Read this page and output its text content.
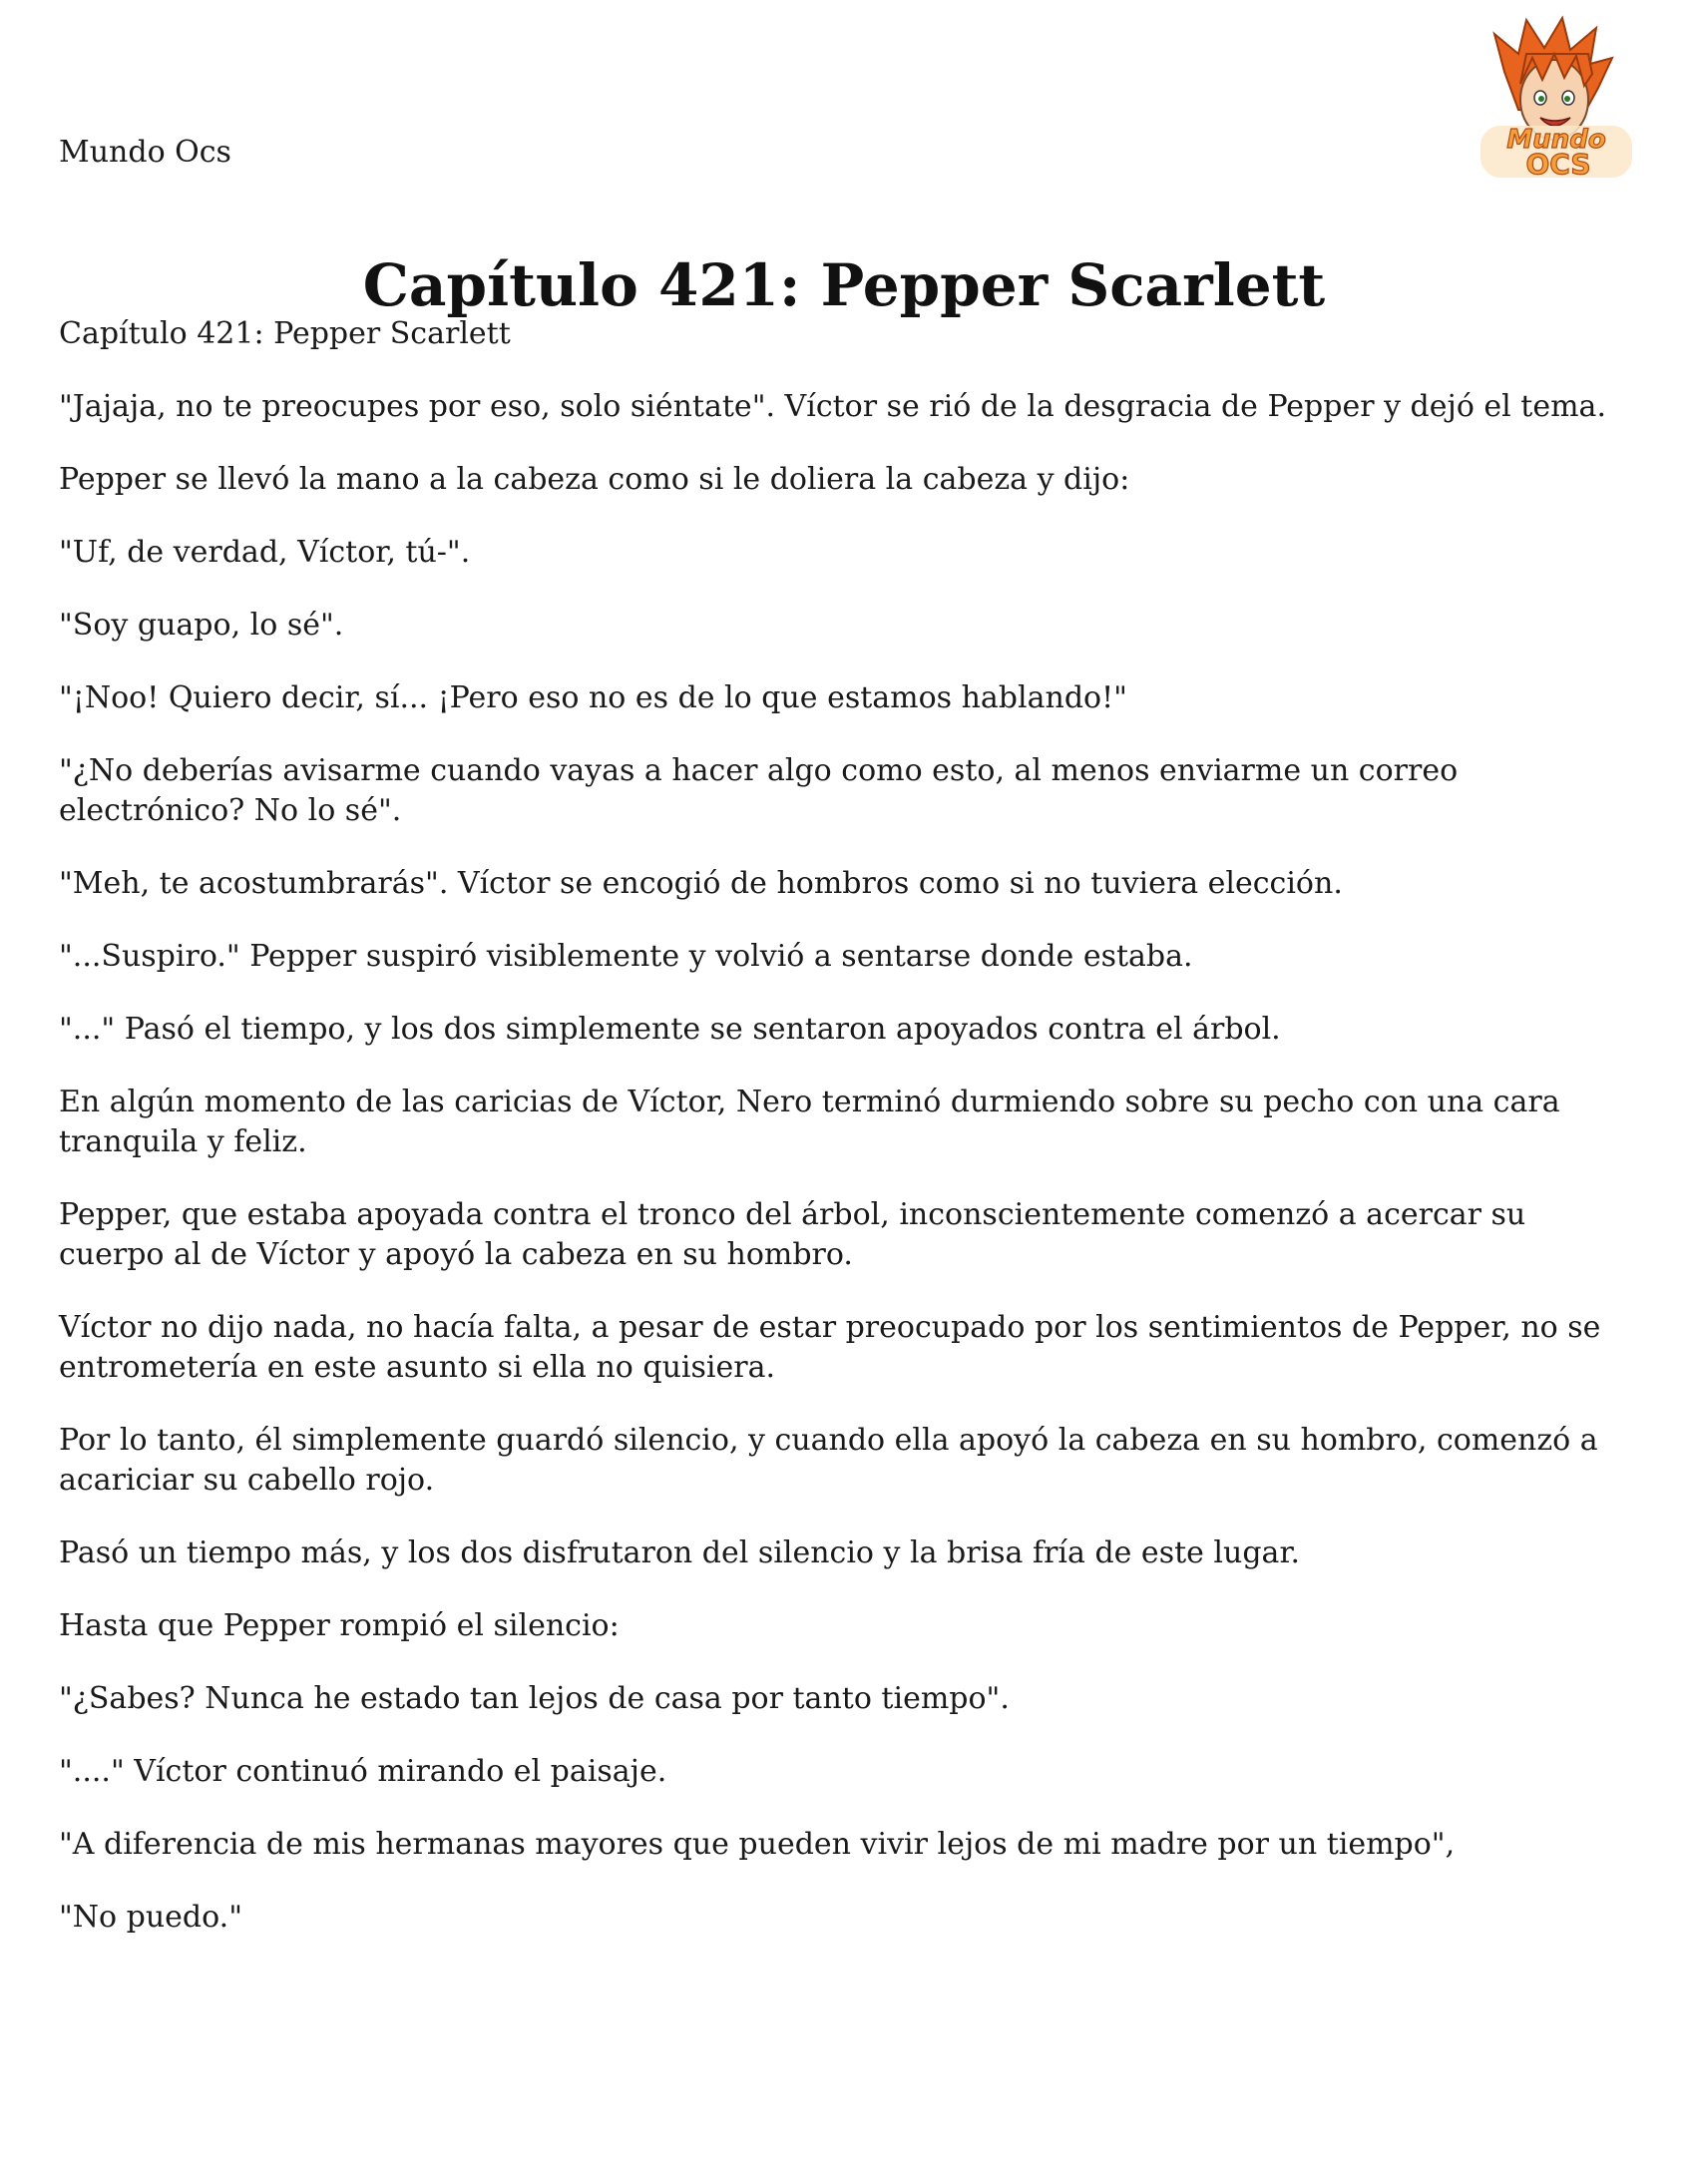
Mundo Ocs	Mundo
OCS
Capítulo 421: Pepper Scarlett

Capítulo 421: Pepper Scarlett

"Jajaja, no te preocupes por eso, solo siéntate". Víctor se rió de la desgracia de Pepper y dejó el tema.

Pepper se llevó la mano a la cabeza como si le doliera la cabeza y dijo:

"Uf, de verdad, Víctor, tú-".

"Soy guapo, lo sé".

"¡Noo! Quiero decir, sí... ¡Pero eso no es de lo que estamos hablando!"

"¿No deberías avisarme cuando vayas a hacer algo como esto, al menos enviarme un correo electrónico? No lo sé".

"Meh, te acostumbrarás". Víctor se encogió de hombros como si no tuviera elección.

"...Suspiro." Pepper suspiró visiblemente y volvió a sentarse donde estaba.

"..." Pasó el tiempo, y los dos simplemente se sentaron apoyados contra el árbol.

En algún momento de las caricias de Víctor, Nero terminó durmiendo sobre su pecho con una cara tranquila y feliz.

Pepper, que estaba apoyada contra el tronco del árbol, inconscientemente comenzó a acercar su cuerpo al de Víctor y apoyó la cabeza en su hombro.

Víctor no dijo nada, no hacía falta, a pesar de estar preocupado por los sentimientos de Pepper, no se entrometería en este asunto si ella no quisiera.

Por lo tanto, él simplemente guardó silencio, y cuando ella apoyó la cabeza en su hombro, comenzó a acariciar su cabello rojo.

Pasó un tiempo más, y los dos disfrutaron del silencio y la brisa fría de este lugar.

Hasta que Pepper rompió el silencio:

"¿Sabes? Nunca he estado tan lejos de casa por tanto tiempo".

"...." Víctor continuó mirando el paisaje.

"A diferencia de mis hermanas mayores que pueden vivir lejos de mi madre por un tiempo",

"No puedo."
